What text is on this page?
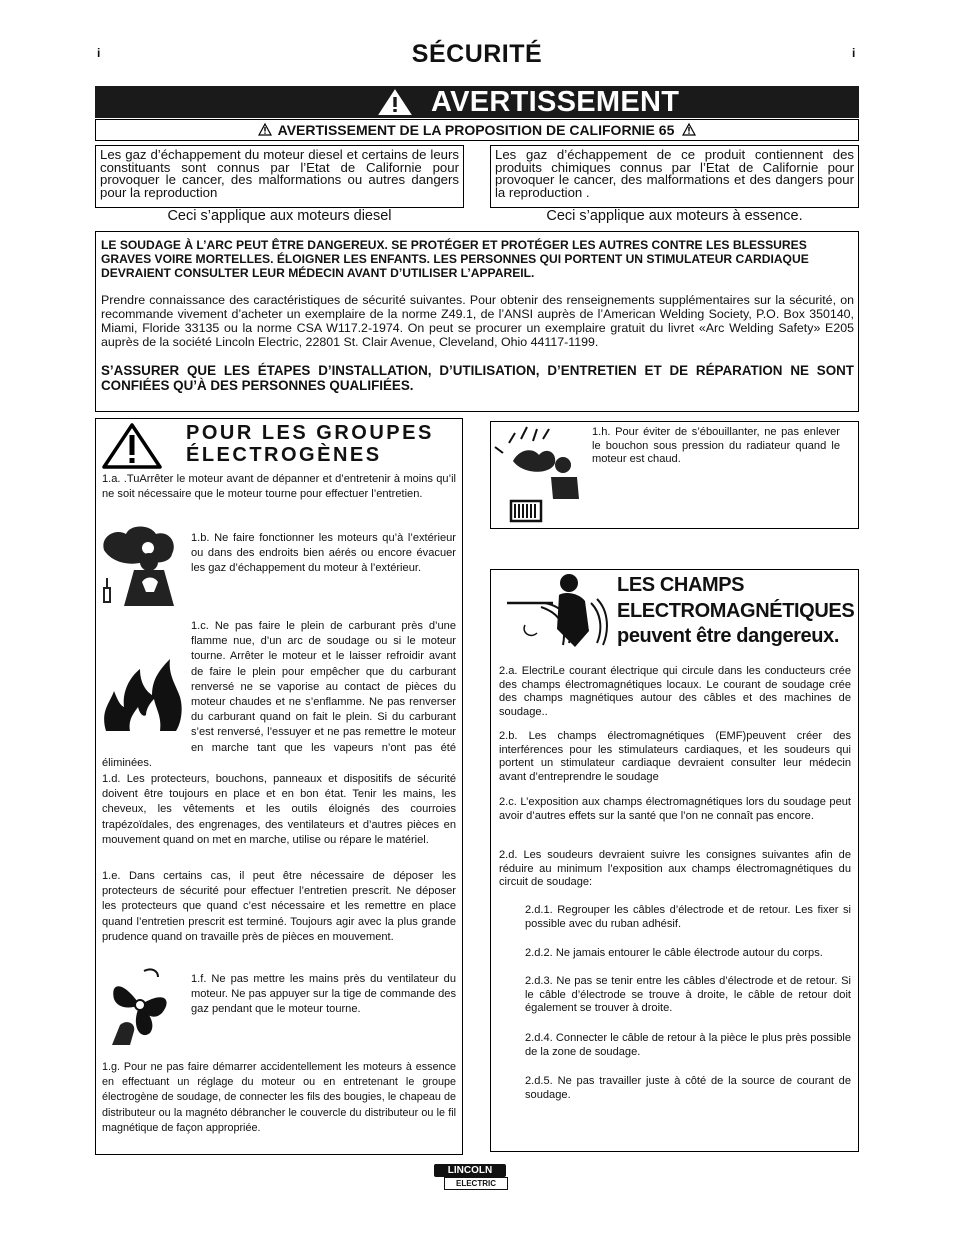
i	i
SÉCURITÉ
AVERTISSEMENT
AVERTISSEMENT DE LA PROPOSITION DE CALIFORNIE 65
Les gaz d’échappement du moteur diesel et certains de leurs constituants sont connus par l’Etat de Californie pour provoquer le cancer, des malformations ou autres dangers pour la reproduction
Les gaz d’échappement de ce produit contiennent des produits chimiques connus par l’Etat de Californie pour provoquer le cancer, des malformations et des dangers pour la reproduction .
Ceci s’applique aux moteurs diesel	Ceci s’applique aux moteurs à essence.
LE SOUDAGE À L’ARC PEUT ÊTRE DANGEREUX. SE PROTÉGER ET PROTÉGER LES AUTRES CONTRE LES BLESSURES GRAVES VOIRE MORTELLES. ÉLOIGNER LES ENFANTS. LES PERSONNES QUI PORTENT UN STIMULATEUR CARDIAQUE DEVRAIENT CONSULTER LEUR MÉDECIN AVANT D’UTILISER L’APPAREIL.
Prendre connaissance des caractéristiques de sécurité suivantes. Pour obtenir des renseignements supplémentaires sur la sécurité, on recommande vivement d’acheter un exemplaire de la norme Z49.1, de l’ANSI auprès de l’American Welding Society, P.O. Box 350140, Miami, Floride 33135 ou la norme CSA W117.2-1974. On peut se procurer un exemplaire gratuit du livret «Arc Welding Safety» E205 auprès de la société Lincoln Electric, 22801 St. Clair Avenue, Cleveland, Ohio 44117-1199.
S’ASSURER QUE LES ÉTAPES D’INSTALLATION, D’UTILISATION, D’ENTRETIEN ET DE RÉPARATION NE SONT CONFIÉES QU’À DES PERSONNES QUALIFIÉES.
POUR LES GROUPES ÉLECTROGÈNES
1.a. .TuArrêter le moteur avant de dépanner et d’entretenir à moins qu’il ne soit nécessaire que le moteur tourne pour effectuer l’entretien.
1.b. Ne faire fonctionner les moteurs qu’à l’extérieur ou dans des endroits bien aérés ou encore évacuer les gaz d’échappement du moteur à l’extérieur.
1.c. Ne pas faire le plein de carburant près d’une flamme nue, d’un arc de soudage ou si le moteur tourne. Arrêter le moteur et le laisser refroidir avant de faire le plein pour empêcher que du carburant renversé ne se vaporise au contact de pièces du moteur chaudes et ne s’enflamme. Ne pas renverser du carburant quand on fait le plein. Si du carburant s’est renversé, l’essuyer et ne pas remettre le moteur en marche tant que les vapeurs n’ont pas été éliminées.
1.d. Les protecteurs, bouchons, panneaux et dispositifs de sécurité doivent être toujours en place et en bon état. Tenir les mains, les cheveux, les vêtements et les outils éloignés des courroies trapézoïdales, des engrenages, des ventilateurs et d’autres pièces en mouvement quand on met en marche, utilise ou répare le matériel.
1.e. Dans certains cas, il peut être nécessaire de déposer les protecteurs de sécurité pour effectuer l’entretien prescrit. Ne déposer les protecteurs que quand c’est nécessaire et les remettre en place quand l’entretien prescrit est terminé. Toujours agir avec la plus grande prudence quand on travaille près de pièces en mouvement.
1.f. Ne pas mettre les mains près du ventilateur du moteur. Ne pas appuyer sur la tige de commande des gaz pendant que le moteur tourne.
1.g. Pour ne pas faire démarrer accidentellement les moteurs à essence en effectuant un réglage du moteur ou en entretenant le groupe électrogène de soudage, de connecter les fils des bougies, le chapeau de distributeur ou la magnéto débrancher le couvercle du distributeur ou le fil magnétique de façon appropriée.
1.h. Pour éviter de s’ébouillanter, ne pas enlever le bouchon sous pression du radiateur quand le moteur est chaud.
LES CHAMPS
ELECTROMAGNÉTIQUES
peuvent être dangereux.
2.a. ElectriLe courant électrique qui circule dans les conducteurs crée des champs électromagnétiques locaux. Le courant de soudage crée des champs magnétiques autour des câbles et des machines de soudage..
2.b. Les champs électromagnétiques (EMF)peuvent créer des interférences pour les stimulateurs cardiaques, et les soudeurs qui portent un stimulateur cardiaque devraient consulter leur médecin avant d’entreprendre le soudage
2.c. L’exposition aux champs électromagnétiques lors du soudage peut avoir d’autres effets sur la santé que l’on ne connaît pas encore.
2.d. Les soudeurs devraient suivre les consignes suivantes afin de réduire au minimum l’exposition aux champs électromagnétiques du circuit de soudage:
2.d.1. Regrouper les câbles d’électrode et de retour. Les fixer si possible avec du ruban adhésif.
2.d.2. Ne jamais entourer le câble électrode autour du corps.
2.d.3. Ne pas se tenir entre les câbles d’électrode et de retour. Si le câble d’électrode se trouve à droite, le câble de retour doit également se trouver à droite.
2.d.4. Connecter le câble de retour à la pièce le plus près possible de la zone de soudage.
2.d.5. Ne pas travailler juste à côté de la source de courant de soudage.
LINCOLN
ELECTRIC
